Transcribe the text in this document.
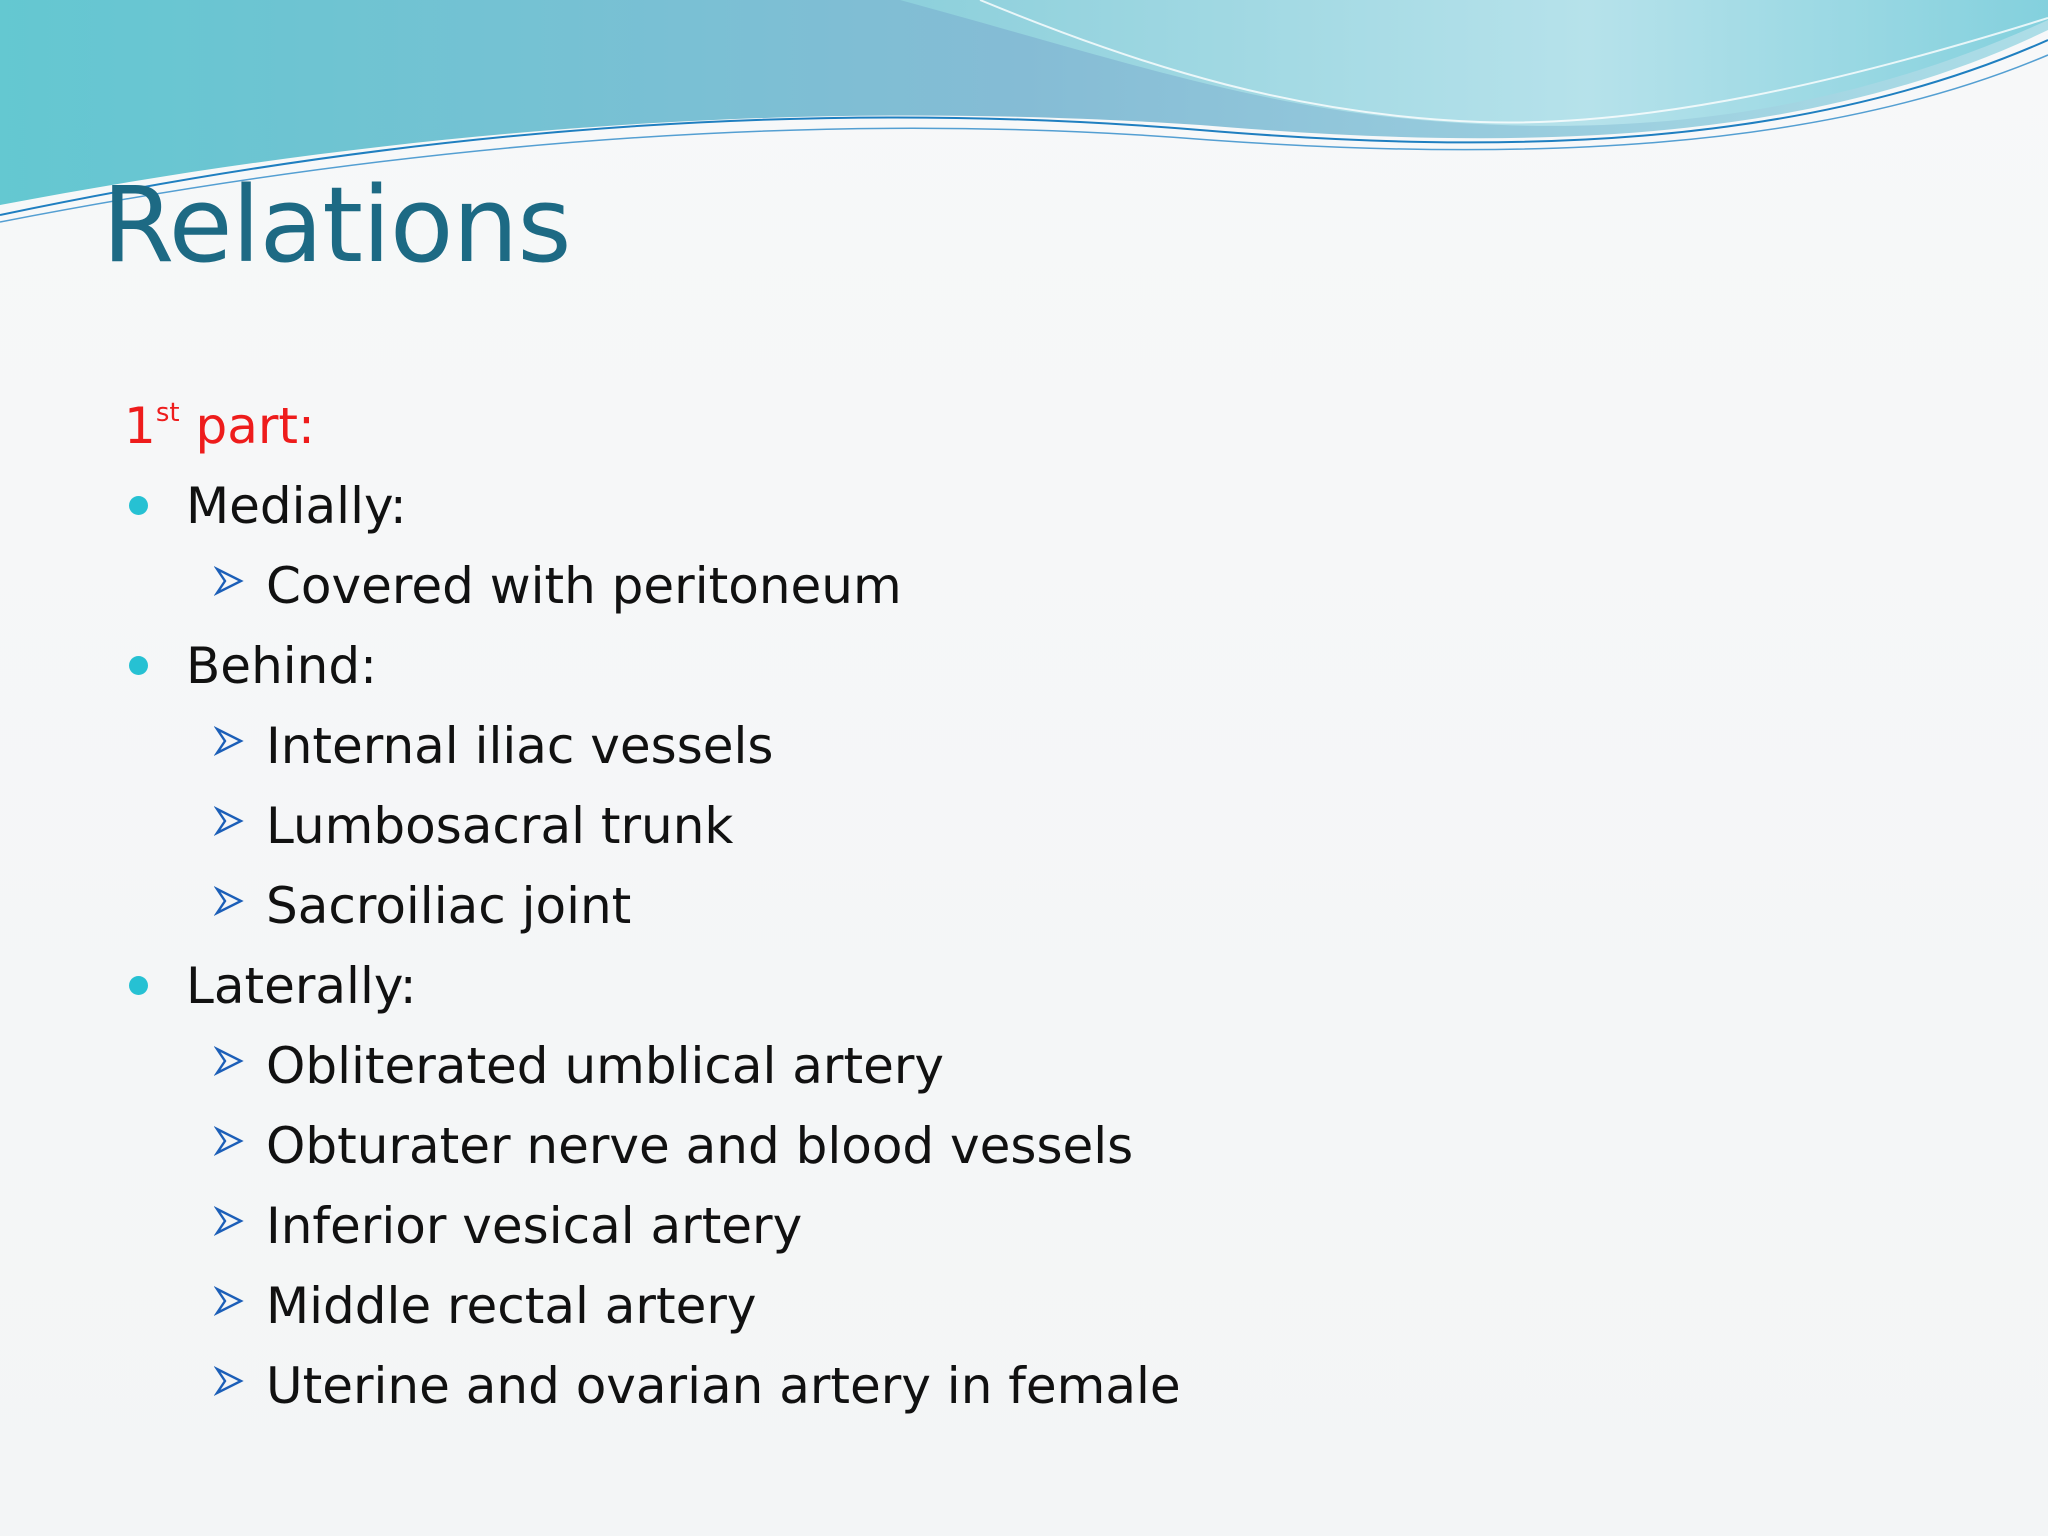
Relations
1st part:
Medially:
Covered with peritoneum
Behind:
Internal iliac vessels
Lumbosacral trunk
Sacroiliac joint
Laterally:
Obliterated umblical artery
Obturater nerve and blood vessels
Inferior vesical artery
Middle rectal artery
Uterine and ovarian artery in female
